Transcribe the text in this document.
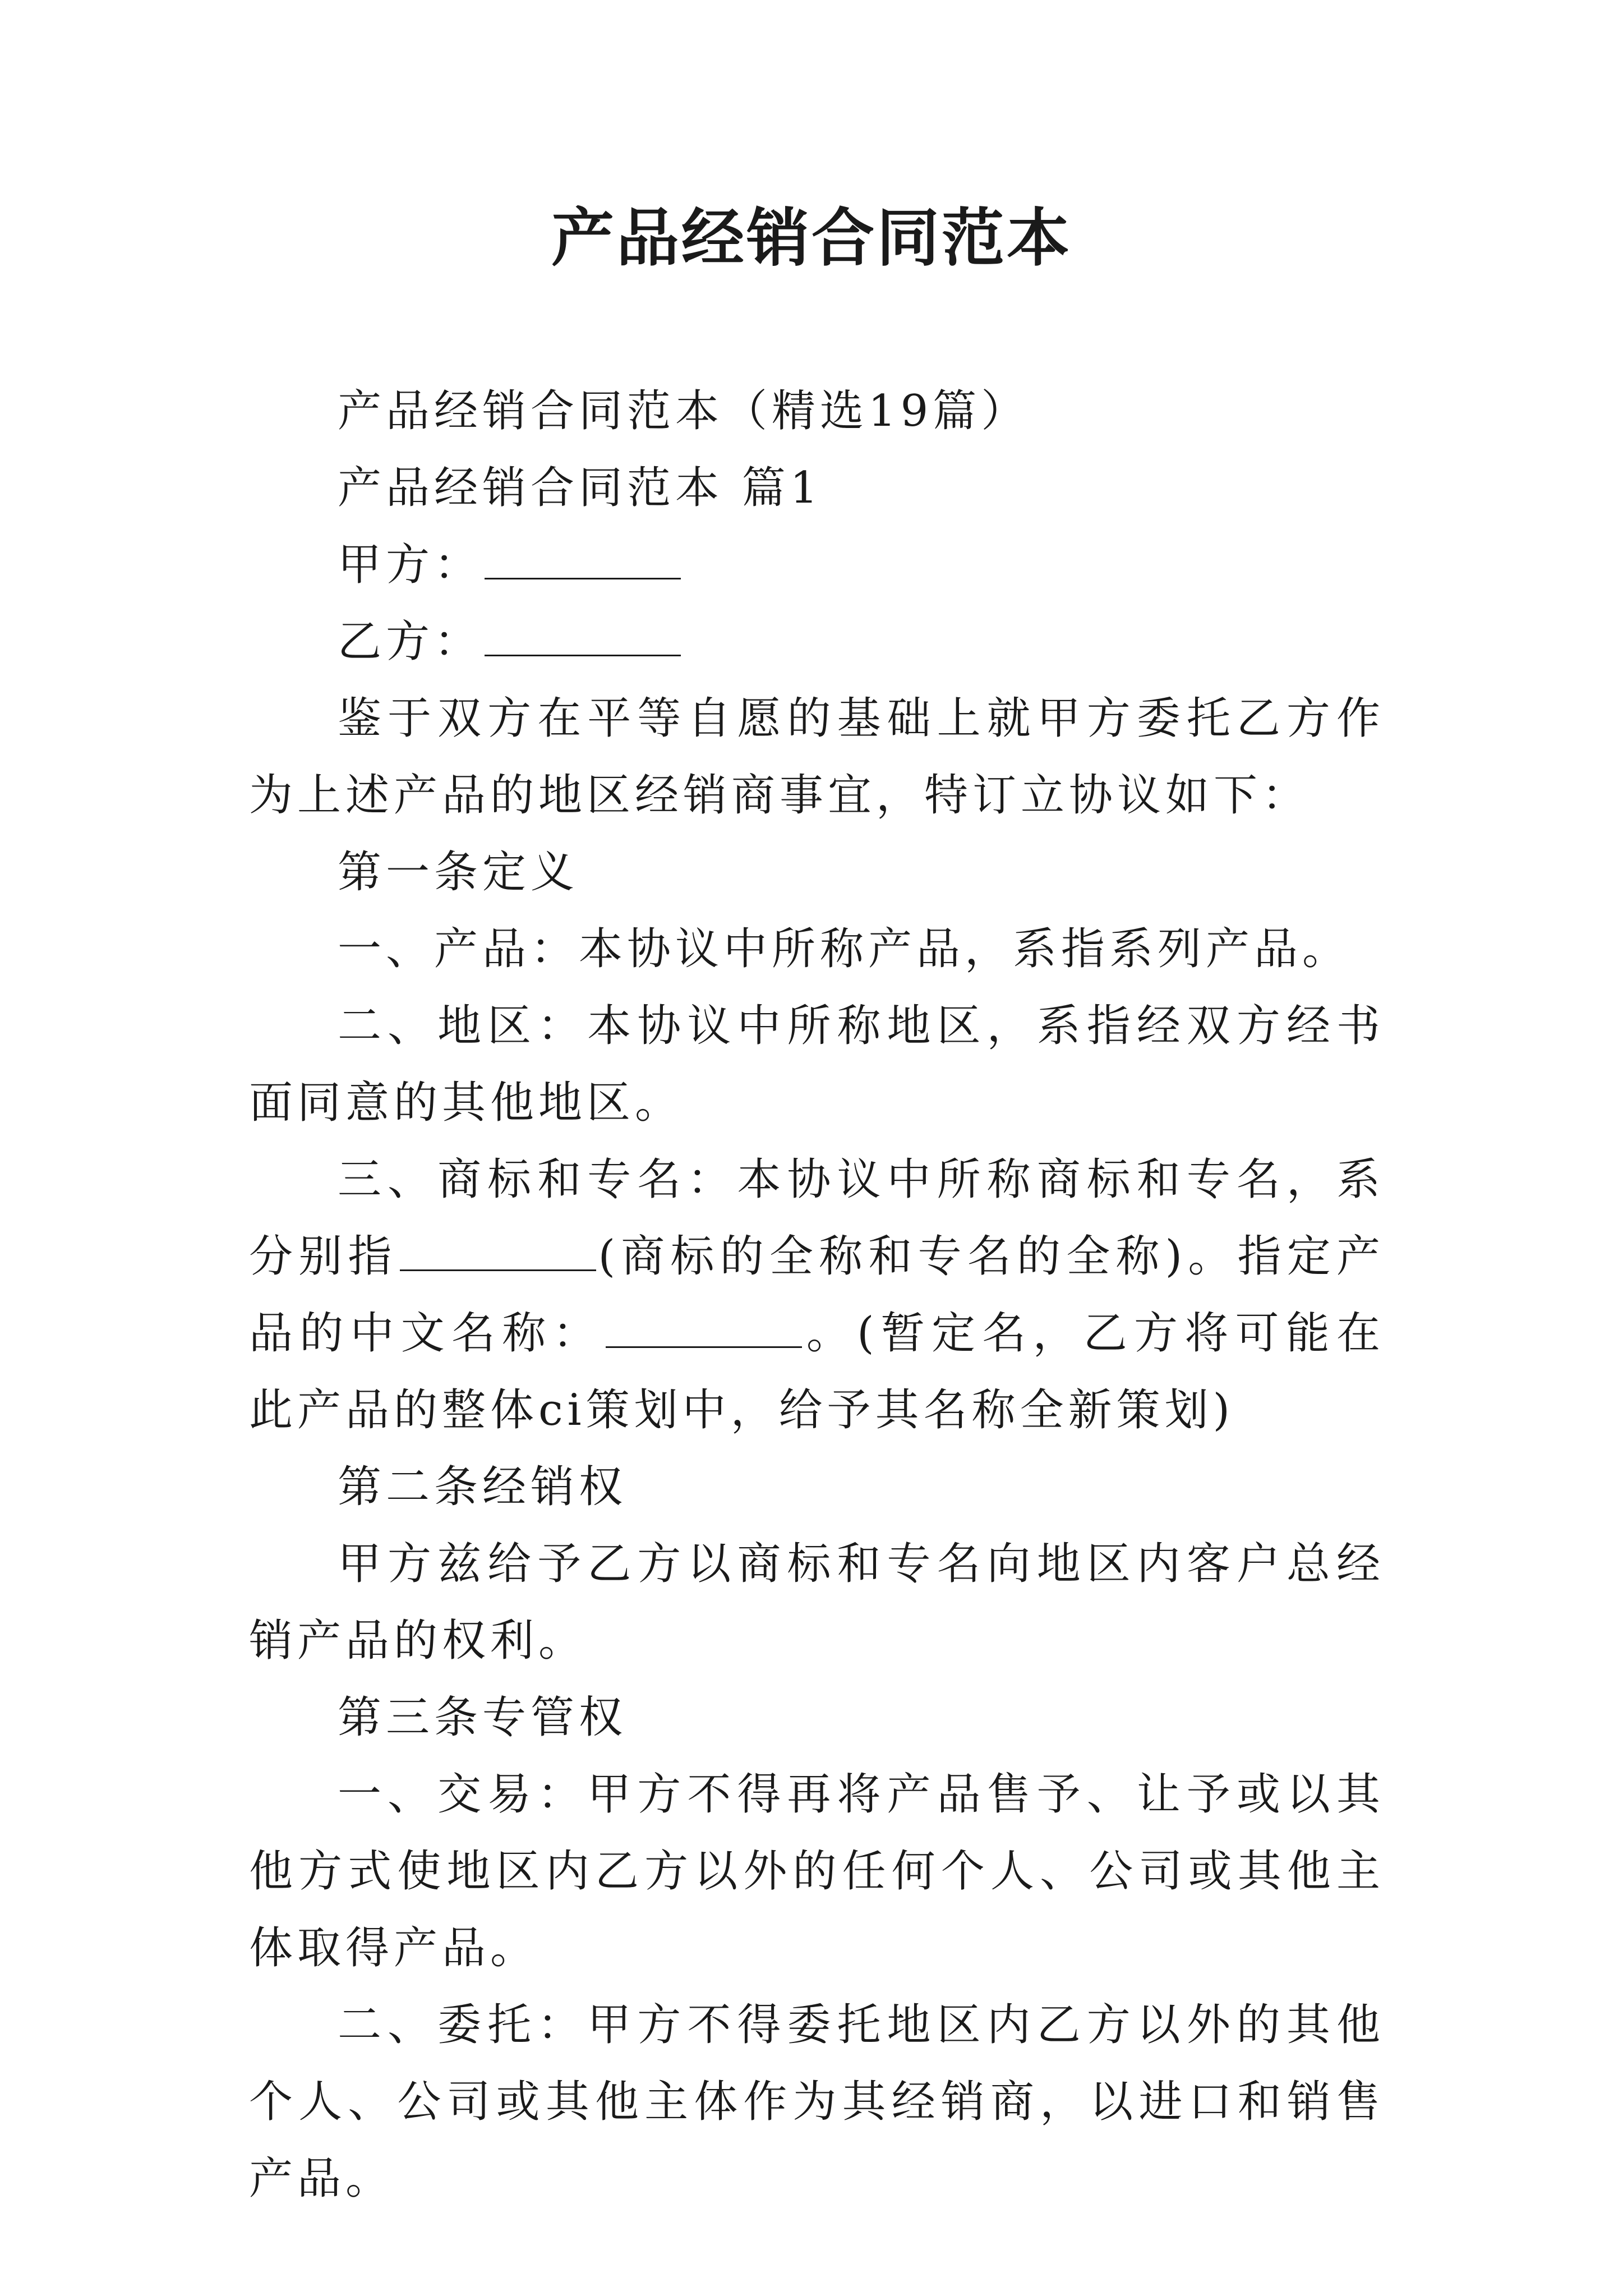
产品经销合同范本

产品经销合同范本（精选19篇）

产品经销合同范本 篇1

甲方：

乙方：

鉴于双方在平等自愿的基础上就甲方委托乙方作为上述产品的地区经销商事宜，特订立协议如下：

第一条定义

一、产品：本协议中所称产品，系指系列产品。

二、地区：本协议中所称地区，系指经双方经书面同意的其他地区。

三、商标和专名：本协议中所称商标和专名，系分别指	(商标的全称和专名的全称)。指定产品的中文名称：	。(暂定名，乙方将可能在此产品的整体ci策划中，给予其名称全新策划)

第二条经销权

甲方兹给予乙方以商标和专名向地区内客户总经销产品的权利。

第三条专管权

一、交易：甲方不得再将产品售予、让予或以其他方式使地区内乙方以外的任何个人、公司或其他主体取得产品。

二、委托：甲方不得委托地区内乙方以外的其他个人、公司或其他主体作为其经销商，以进口和销售产品。
